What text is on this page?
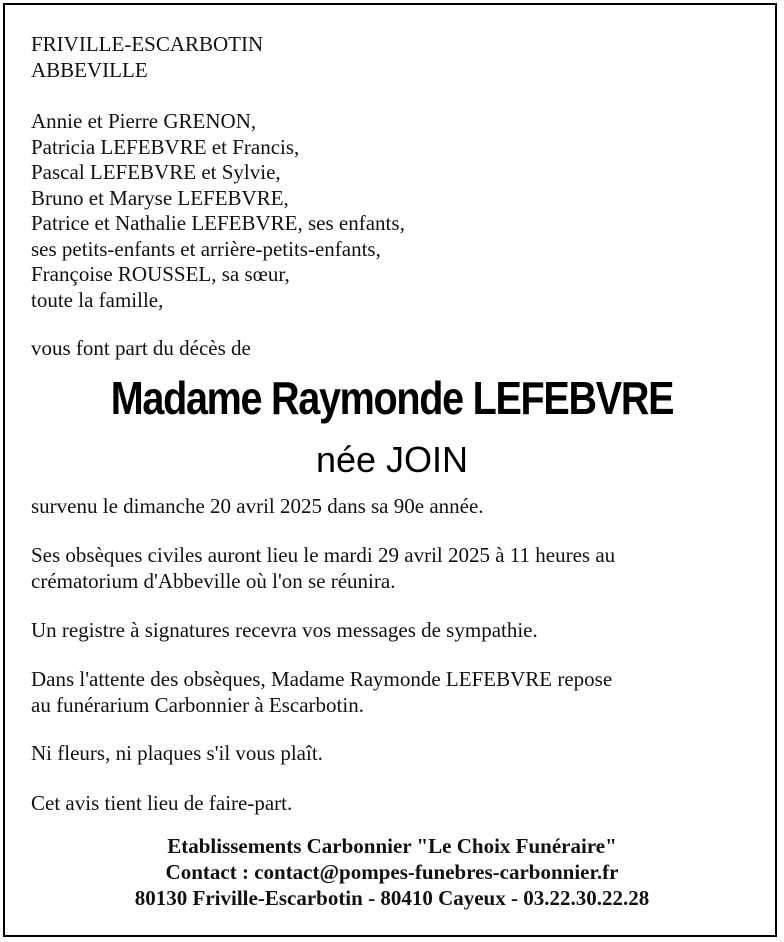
FRIVILLE-ESCARBOTIN
ABBEVILLE
Annie et Pierre GRENON,
Patricia LEFEBVRE et Francis,
Pascal LEFEBVRE et Sylvie,
Bruno et Maryse LEFEBVRE,
Patrice et Nathalie LEFEBVRE, ses enfants,
ses petits-enfants et arrière-petits-enfants,
Françoise ROUSSEL, sa sœur,
toute la famille,
vous font part du décès de
Madame Raymonde LEFEBVRE
née JOIN
survenu le dimanche 20 avril 2025 dans sa 90e année.
Ses obsèques civiles auront lieu le mardi 29 avril 2025 à 11 heures au
crématorium d'Abbeville où l'on se réunira.
Un registre à signatures recevra vos messages de sympathie.
Dans l'attente des obsèques, Madame Raymonde LEFEBVRE repose
au funérarium Carbonnier à Escarbotin.
Ni fleurs, ni plaques s'il vous plaît.
Cet avis tient lieu de faire-part.
Etablissements Carbonnier "Le Choix Funéraire"
Contact : contact@pompes-funebres-carbonnier.fr
80130 Friville-Escarbotin - 80410 Cayeux - 03.22.30.22.28
